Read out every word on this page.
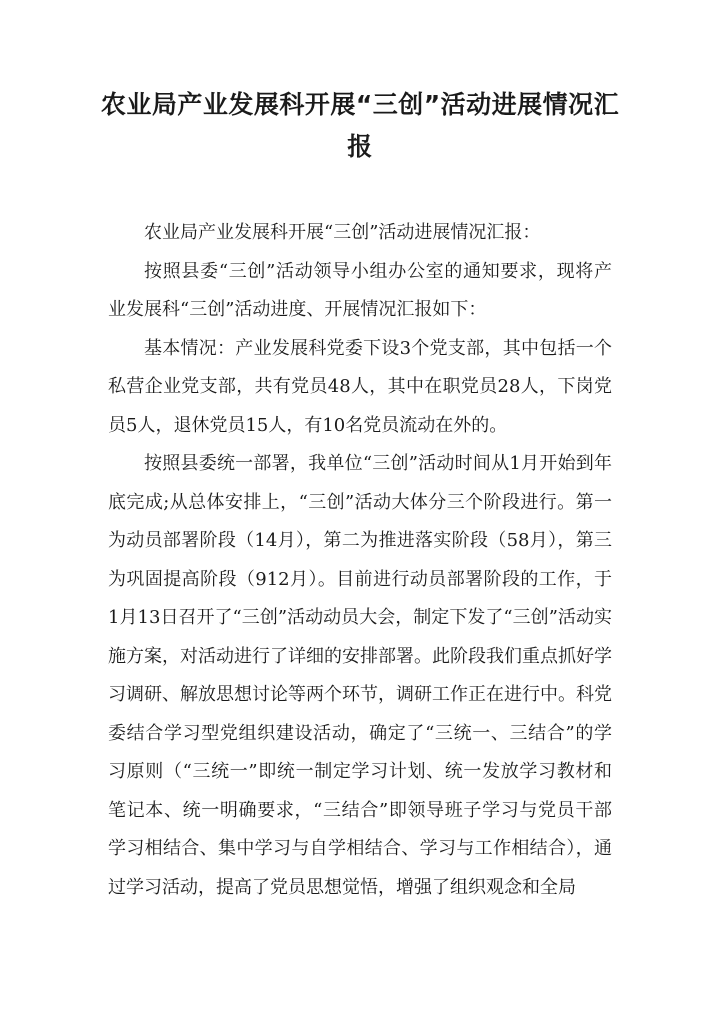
农业局产业发展科开展“三创”活动进展情况汇报

农业局产业发展科开展“三创”活动进展情况汇报：

按照县委“三创”活动领导小组办公室的通知要求，现将产业发展科“三创”活动进度、开展情况汇报如下：

基本情况：产业发展科党委下设3个党支部，其中包括一个私营企业党支部，共有党员48人，其中在职党员28人，下岗党员5人，退休党员15人，有10名党员流动在外的。

按照县委统一部署，我单位“三创”活动时间从1月开始到年底完成;从总体安排上，“三创”活动大体分三个阶段进行。第一为动员部署阶段（14月），第二为推进落实阶段（58月），第三为巩固提高阶段（912月）。目前进行动员部署阶段的工作，于1月13日召开了“三创”活动动员大会，制定下发了“三创”活动实施方案，对活动进行了详细的安排部署。此阶段我们重点抓好学习调研、解放思想讨论等两个环节，调研工作正在进行中。科党委结合学习型党组织建设活动，确定了“三统一、三结合”的学习原则（“三统一”即统一制定学习计划、统一发放学习教材和笔记本、统一明确要求，“三结合”即领导班子学习与党员干部学习相结合、集中学习与自学相结合、学习与工作相结合），通过学习活动，提高了党员思想觉悟，增强了组织观念和全局
